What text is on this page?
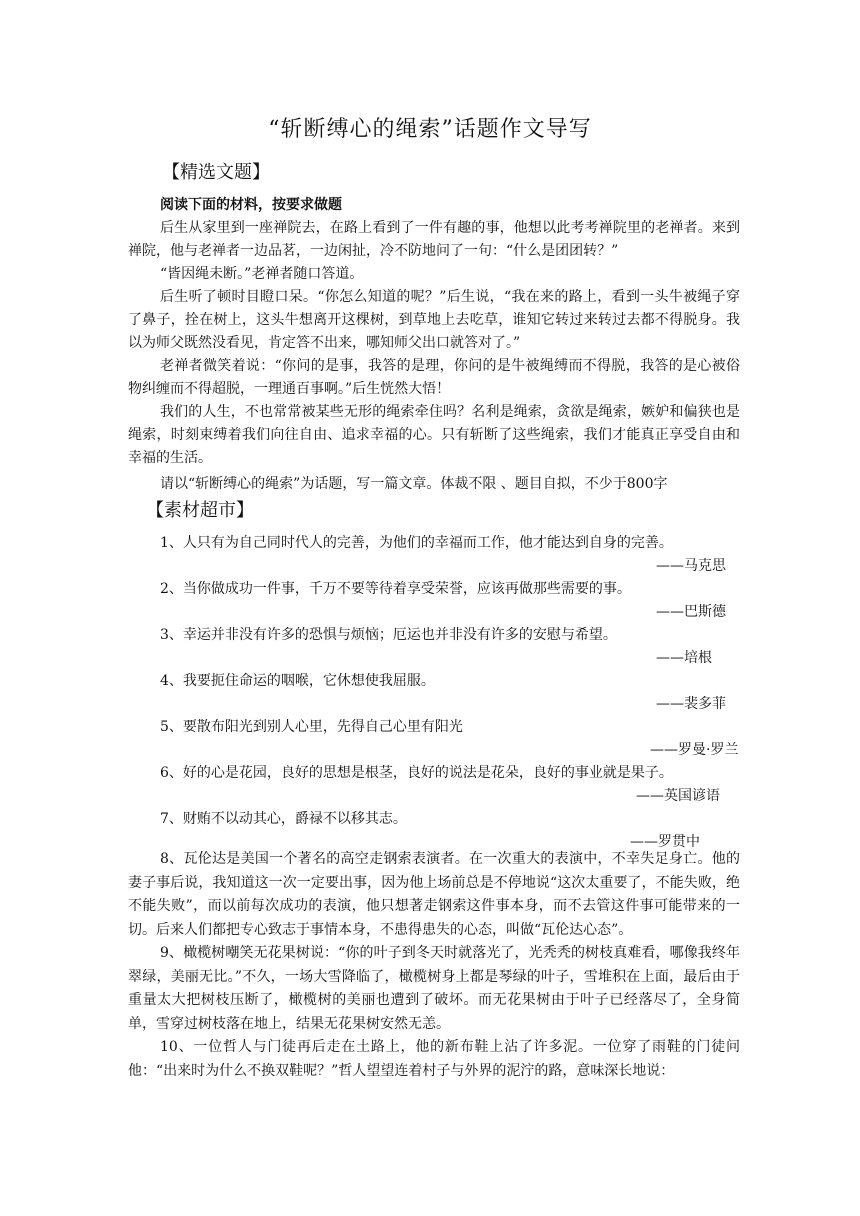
“斩断缚心的绳索”话题作文导写
【精选文题】
阅读下面的材料，按要求做题

后生从家里到一座禅院去，在路上看到了一件有趣的事，他想以此考考禅院里的老禅者。来到禅院，他与老禅者一边品茗，一边闲扯，冷不防地问了一句：“什么是团团转？”

“皆因绳未断。”老禅者随口答道。

后生听了顿时目瞪口呆。“你怎么知道的呢？”后生说，“我在来的路上，看到一头牛被绳子穿了鼻子，拴在树上，这头牛想离开这棵树，到草地上去吃草，谁知它转过来转过去都不得脱身。我以为师父既然没看见，肯定答不出来，哪知师父出口就答对了。”

老禅者微笑着说：“你问的是事，我答的是理，你问的是牛被绳缚而不得脱，我答的是心被俗物纠缠而不得超脱，一理通百事啊。”后生恍然大悟！

我们的人生，不也常常被某些无形的绳索牵住吗？名利是绳索，贪欲是绳索，嫉妒和偏狭也是绳索，时刻束缚着我们向往自由、追求幸福的心。只有斩断了这些绳索，我们才能真正享受自由和幸福的生活。

请以“斩断缚心的绳索”为话题，写一篇文章。体裁不限 、题目自拟，不少于800字

【素材超市】

1、人只有为自己同时代人的完善，为他们的幸福而工作，他才能达到自身的完善。

——马克思

2、当你做成功一件事，千万不要等待着享受荣誉，应该再做那些需要的事。

——巴斯德

3、幸运并非没有许多的恐惧与烦恼；厄运也并非没有许多的安慰与希望。

——培根

4、我要扼住命运的咽喉，它休想使我屈服。

——裴多菲

5、要散布阳光到别人心里，先得自己心里有阳光

——罗曼·罗兰

6、好的心是花园，良好的思想是根茎，良好的说法是花朵，良好的事业就是果子。

——英国谚语

7、财贿不以动其心，爵禄不以移其志。

——罗贯中

8、瓦伦达是美国一个著名的高空走钢索表演者。在一次重大的表演中，不幸失足身亡。他的妻子事后说，我知道这一次一定要出事，因为他上场前总是不停地说“这次太重要了，不能失败，绝不能失败”，而以前每次成功的表演，他只想著走钢索这件事本身，而不去管这件事可能带来的一切。后来人们都把专心致志于事情本身，不患得患失的心态，叫做“瓦伦达心态”。

9、橄榄树嘲笑无花果树说：“你的叶子到冬天时就落光了，光秃秃的树枝真难看，哪像我终年翠绿，美丽无比。”不久，一场大雪降临了，橄榄树身上都是琴绿的叶子，雪堆积在上面，最后由于重量太大把树枝压断了，橄榄树的美丽也遭到了破坏。而无花果树由于叶子已经落尽了，全身简单，雪穿过树枝落在地上，结果无花果树安然无恙。

10、一位哲人与门徒再后走在土路上，他的新布鞋上沾了许多泥。一位穿了雨鞋的门徒问他：“出来时为什么不换双鞋呢？”哲人望望连着村子与外界的泥泞的路，意味深长地说：
